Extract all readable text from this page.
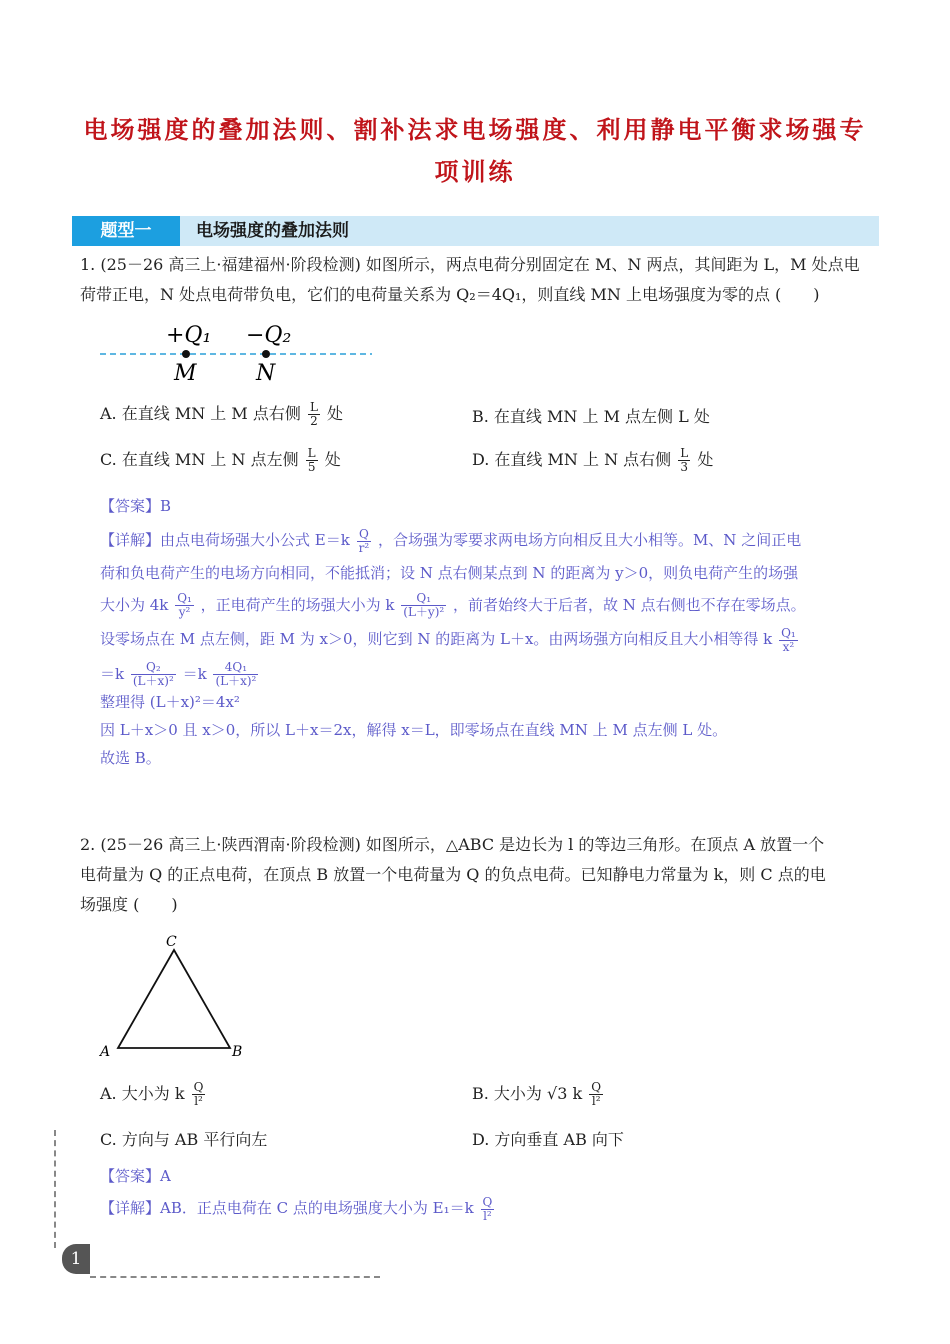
电场强度的叠加法则、割补法求电场强度、利用静电平衡求场强专
项训练
题型一	电场强度的叠加法则
1. (25－26 高三上·福建福州·阶段检测) 如图所示，两点电荷分别固定在 M、N 两点，其间距为 L，M 处点电
荷带正电，N 处点电荷带负电，它们的电荷量关系为 Q₂＝4Q₁，则直线 MN 上电场强度为零的点 (　　)
+Q₁ −Q₂
M	N
A. 在直线 MN 上 M 点右侧 $\frac{L}{2}$ 处	B. 在直线 MN 上 M 点左侧 L 处
C. 在直线 MN 上 N 点左侧 $\frac{L}{5}$ 处	D. 在直线 MN 上 N 点右侧 $\frac{L}{3}$ 处
【答案】B
【详解】由点电荷场强大小公式 $E=k \frac{Q}{\text{r²}}$ ，合场强为零要求两电场方向相反且大小相等。M、N 之间正电
荷和负电荷产生的电场方向相同，不能抵消；设 N 点右侧某点到 N 的距离为 y＞0，则负电荷产生的场强
大小为 $4k \frac{\text{Q₁}}{\text{y²}}$ ，正电荷产生的场强大小为 k $\frac{\text{Q₁}}{\text{(L＋y)²}}$ ，前者始终大于后者，故 N 点右侧也不存在零场点。
设零场点在 M 点左侧，距 M 为 x＞0，则它到 N 的距离为 L＋x。由两场强方向相反且大小相等得 k $\frac{\text{Q₁}}{\text{x²}}$
$=k \frac{\text{Q₂}}{\text{(L＋x)²}} =k \frac{\text{4Q₁}}{\text{(L＋x)²}}$
整理得 (L＋x)²＝4x²
因 L＋x＞0 且 x＞0，所以 L＋x＝2x，解得 x＝L，即零场点在直线 MN 上 M 点左侧 L 处。
故选 B。
2. (25－26 高三上·陕西渭南·阶段检测) 如图所示，△ABC 是边长为 l 的等边三角形。在顶点 A 放置一个
电荷量为 Q 的正点电荷，在顶点 B 放置一个电荷量为 Q 的负点电荷。已知静电力常量为 k，则 C 点的电
场强度 (　　)
C
A	B
A. 大小为 k $\frac{Q}{\text{l²}}$	B. 大小为 √3 k $\frac{Q}{\text{l²}}$
C. 方向与 AB 平行向左	D. 方向垂直 AB 向下
【答案】A
【详解】AB．正点电荷在 C 点的电场强度大小为 $E_1=k \frac{Q}{\text{l²}}$
1
